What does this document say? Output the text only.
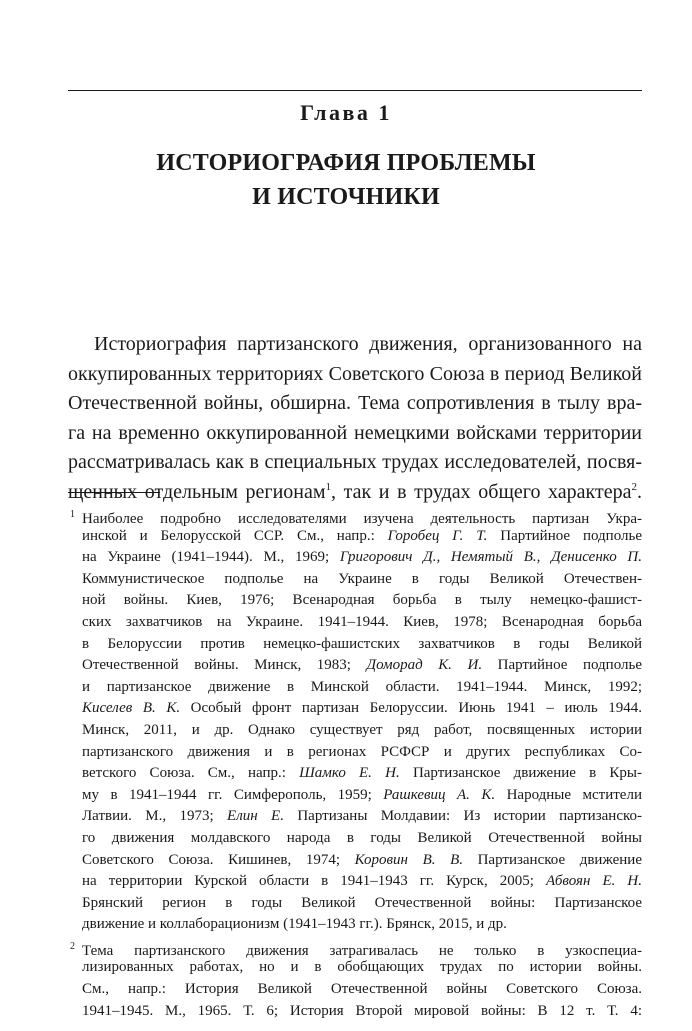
Глава 1
ИСТОРИОГРАФИЯ ПРОБЛЕМЫ
И ИСТОЧНИКИ
Историография партизанского движения, организованного на
оккупированных территориях Советского Союза в период Великой
Отечественной войны, обширна. Тема сопротивления в тылу вра-
га на временно оккупированной немецкими войсками территории
рассматривалась как в специальных трудах исследователей, посвя-
щенных отдельным регионам$^1$, так и в трудах общего характера$^2$.
1 Наиболее подробно исследователями изучена деятельность партизан Укра-
инской и Белорусской ССР. См., напр.: Горобец Г. Т. Партийное подполье
на Украине (1941–1944). М., 1969; Григорович Д., Немятый В., Денисенко П.
Коммунистическое подполье на Украине в годы Великой Отечествен-
ной войны. Киев, 1976; Всенародная борьба в тылу немецко-фашист-
ских захватчиков на Украине. 1941–1944. Киев, 1978; Всенародная борьба
в Белоруссии против немецко-фашистских захватчиков в годы Великой
Отечественной войны. Минск, 1983; Доморад К. И. Партийное подполье
и партизанское движение в Минской области. 1941–1944. Минск, 1992;
Киселев В. К. Особый фронт партизан Белоруссии. Июнь 1941 – июль 1944.
Минск, 2011, и др. Однако существует ряд работ, посвященных истории
партизанского движения и в регионах РСФСР и других республиках Со-
ветского Союза. См., напр.: Шамко Е. Н. Партизанское движение в Кры-
му в 1941–1944 гг. Симферополь, 1959; Рашкевиц А. К. Народные мстители
Латвии. М., 1973; Елин Е. Партизаны Молдавии: Из истории партизанско-
го движения молдавского народа в годы Великой Отечественной войны
Советского Союза. Кишинев, 1974; Коровин В. В. Партизанское движение
на территории Курской области в 1941–1943 гг. Курск, 2005; Абвоян Е. Н.
Брянский регион в годы Великой Отечественной войны: Партизанское
движение и коллаборационизм (1941–1943 гг.). Брянск, 2015, и др.
2 Тема партизанского движения затрагивалась не только в узкоспециа-
лизированных работах, но и в обобщающих трудах по истории войны.
См., напр.: История Великой Отечественной войны Советского Союза.
1941–1945. М., 1965. Т. 6; История Второй мировой войны: В 12 т. Т. 4:
